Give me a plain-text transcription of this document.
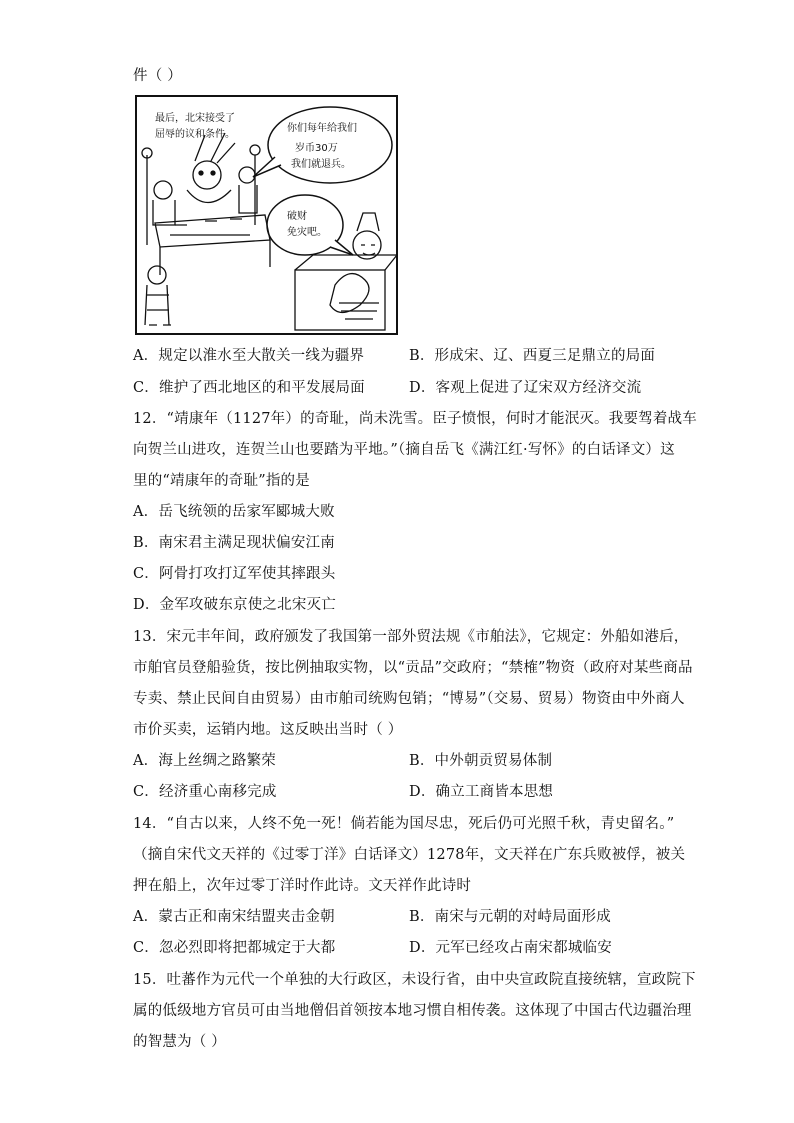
件（ ）
最后，北宋接受了
屈辱的议和条件。
你们每年给我们
岁币30万
我们就退兵。
破财
免灾吧。
A．规定以淮水至大散关一线为疆界	B．形成宋、辽、西夏三足鼎立的局面
C．维护了西北地区的和平发展局面	D．客观上促进了辽宋双方经济交流
12．“靖康年（1127年）的奇耻，尚未洗雪。臣子愤恨，何时才能泯灭。我要驾着战车
向贺兰山进攻，连贺兰山也要踏为平地。”（摘自岳飞《满江红·写怀》的白话译文）这
里的“靖康年的奇耻”指的是
A．岳飞统领的岳家军郾城大败
B．南宋君主满足现状偏安江南
C．阿骨打攻打辽军使其摔跟头
D．金军攻破东京使之北宋灭亡
13．宋元丰年间，政府颁发了我国第一部外贸法规《市舶法》，它规定：外船如港后，
市舶官员登船验货，按比例抽取实物，以“贡品”交政府；“禁榷”物资（政府对某些商品
专卖、禁止民间自由贸易）由市舶司统购包销；“博易”（交易、贸易）物资由中外商人
市价买卖，运销内地。这反映出当时（ ）
A．海上丝绸之路繁荣	B．中外朝贡贸易体制
C．经济重心南移完成	D．确立工商皆本思想
14．“自古以来，人终不免一死！倘若能为国尽忠，死后仍可光照千秋，青史留名。”
（摘自宋代文天祥的《过零丁洋》白话译文）1278年，文天祥在广东兵败被俘，被关
押在船上，次年过零丁洋时作此诗。文天祥作此诗时
A．蒙古正和南宋结盟夹击金朝	B．南宋与元朝的对峙局面形成
C．忽必烈即将把都城定于大都	D．元军已经攻占南宋都城临安
15．吐蕃作为元代一个单独的大行政区，未设行省，由中央宣政院直接统辖，宣政院下
属的低级地方官员可由当地僧侣首领按本地习惯自相传袭。这体现了中国古代边疆治理
的智慧为（ ）
